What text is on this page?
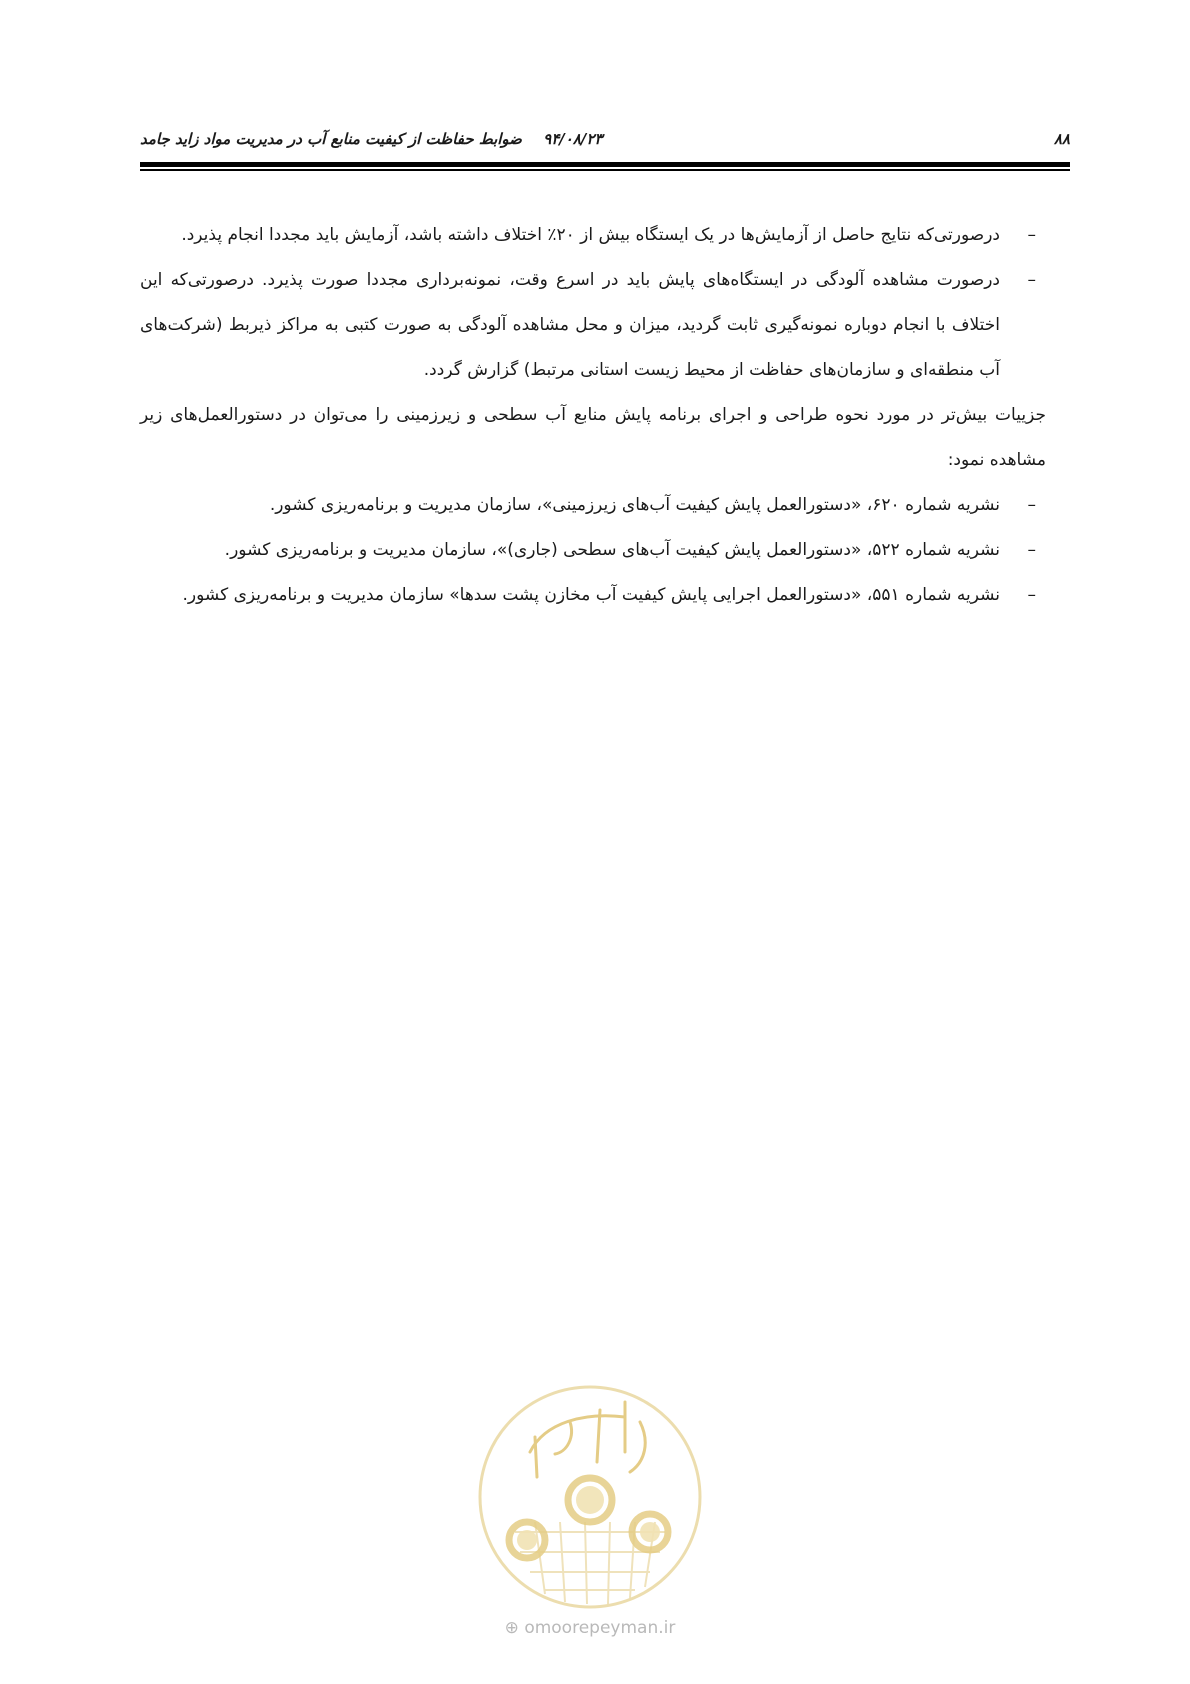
۸۸
۹۴/۰۸/۲۳ ضوابط حفاظت از کیفیت منابع آب در مدیریت مواد زاید جامد

–
درصورتی‌که نتایج حاصل از آزمایش‌ها در یک ایستگاه بیش از ۲۰٪ اختلاف داشته باشد، آزمایش باید مجددا انجام پذیرد.

–
درصورت مشاهده آلودگی در ایستگاه‌های پایش باید در اسرع وقت، نمونه‌برداری مجددا صورت پذیرد. درصورتی‌که این اختلاف با انجام دوباره نمونه‌گیری ثابت گردید، میزان و محل مشاهده آلودگی به صورت کتبی به مراکز ذیربط (شرکت‌های آب منطقه‌ای و سازمان‌های حفاظت از محیط زیست استانی مرتبط) گزارش گردد.

جزییات بیش‌تر در مورد نحوه طراحی و اجرای برنامه پایش منابع آب سطحی و زیرزمینی را می‌توان در دستورالعمل‌های زیر مشاهده نمود:

–
نشریه شماره ۶۲۰، «دستورالعمل پایش کیفیت آب‌های زیرزمینی»، سازمان مدیریت و برنامه‌ریزی کشور.

–
نشریه شماره ۵۲۲، «دستورالعمل پایش کیفیت آب‌های سطحی (جاری)»، سازمان مدیریت و برنامه‌ریزی کشور.

–
نشریه شماره ۵۵۱، «دستورالعمل اجرایی پایش کیفیت آب مخازن پشت سدها» سازمان مدیریت و برنامه‌ریزی کشور.

⊕ omoorepeyman.ir
